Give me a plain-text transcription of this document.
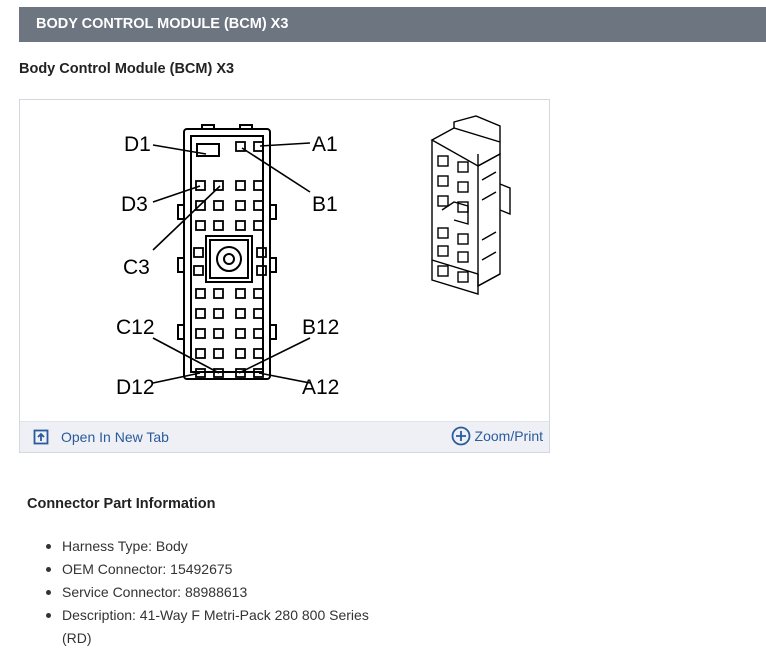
BODY CONTROL MODULE (BCM) X3
Body Control Module (BCM) X3
D1	A1
D3	B1
C3
C12	B12
D12	A12
Open In New Tab	Zoom/Print
Connector Part Information
Harness Type: Body
OEM Connector: 15492675
Service Connector: 88988613
Description: 41-Way F Metri-Pack 280 800 Series (RD)
